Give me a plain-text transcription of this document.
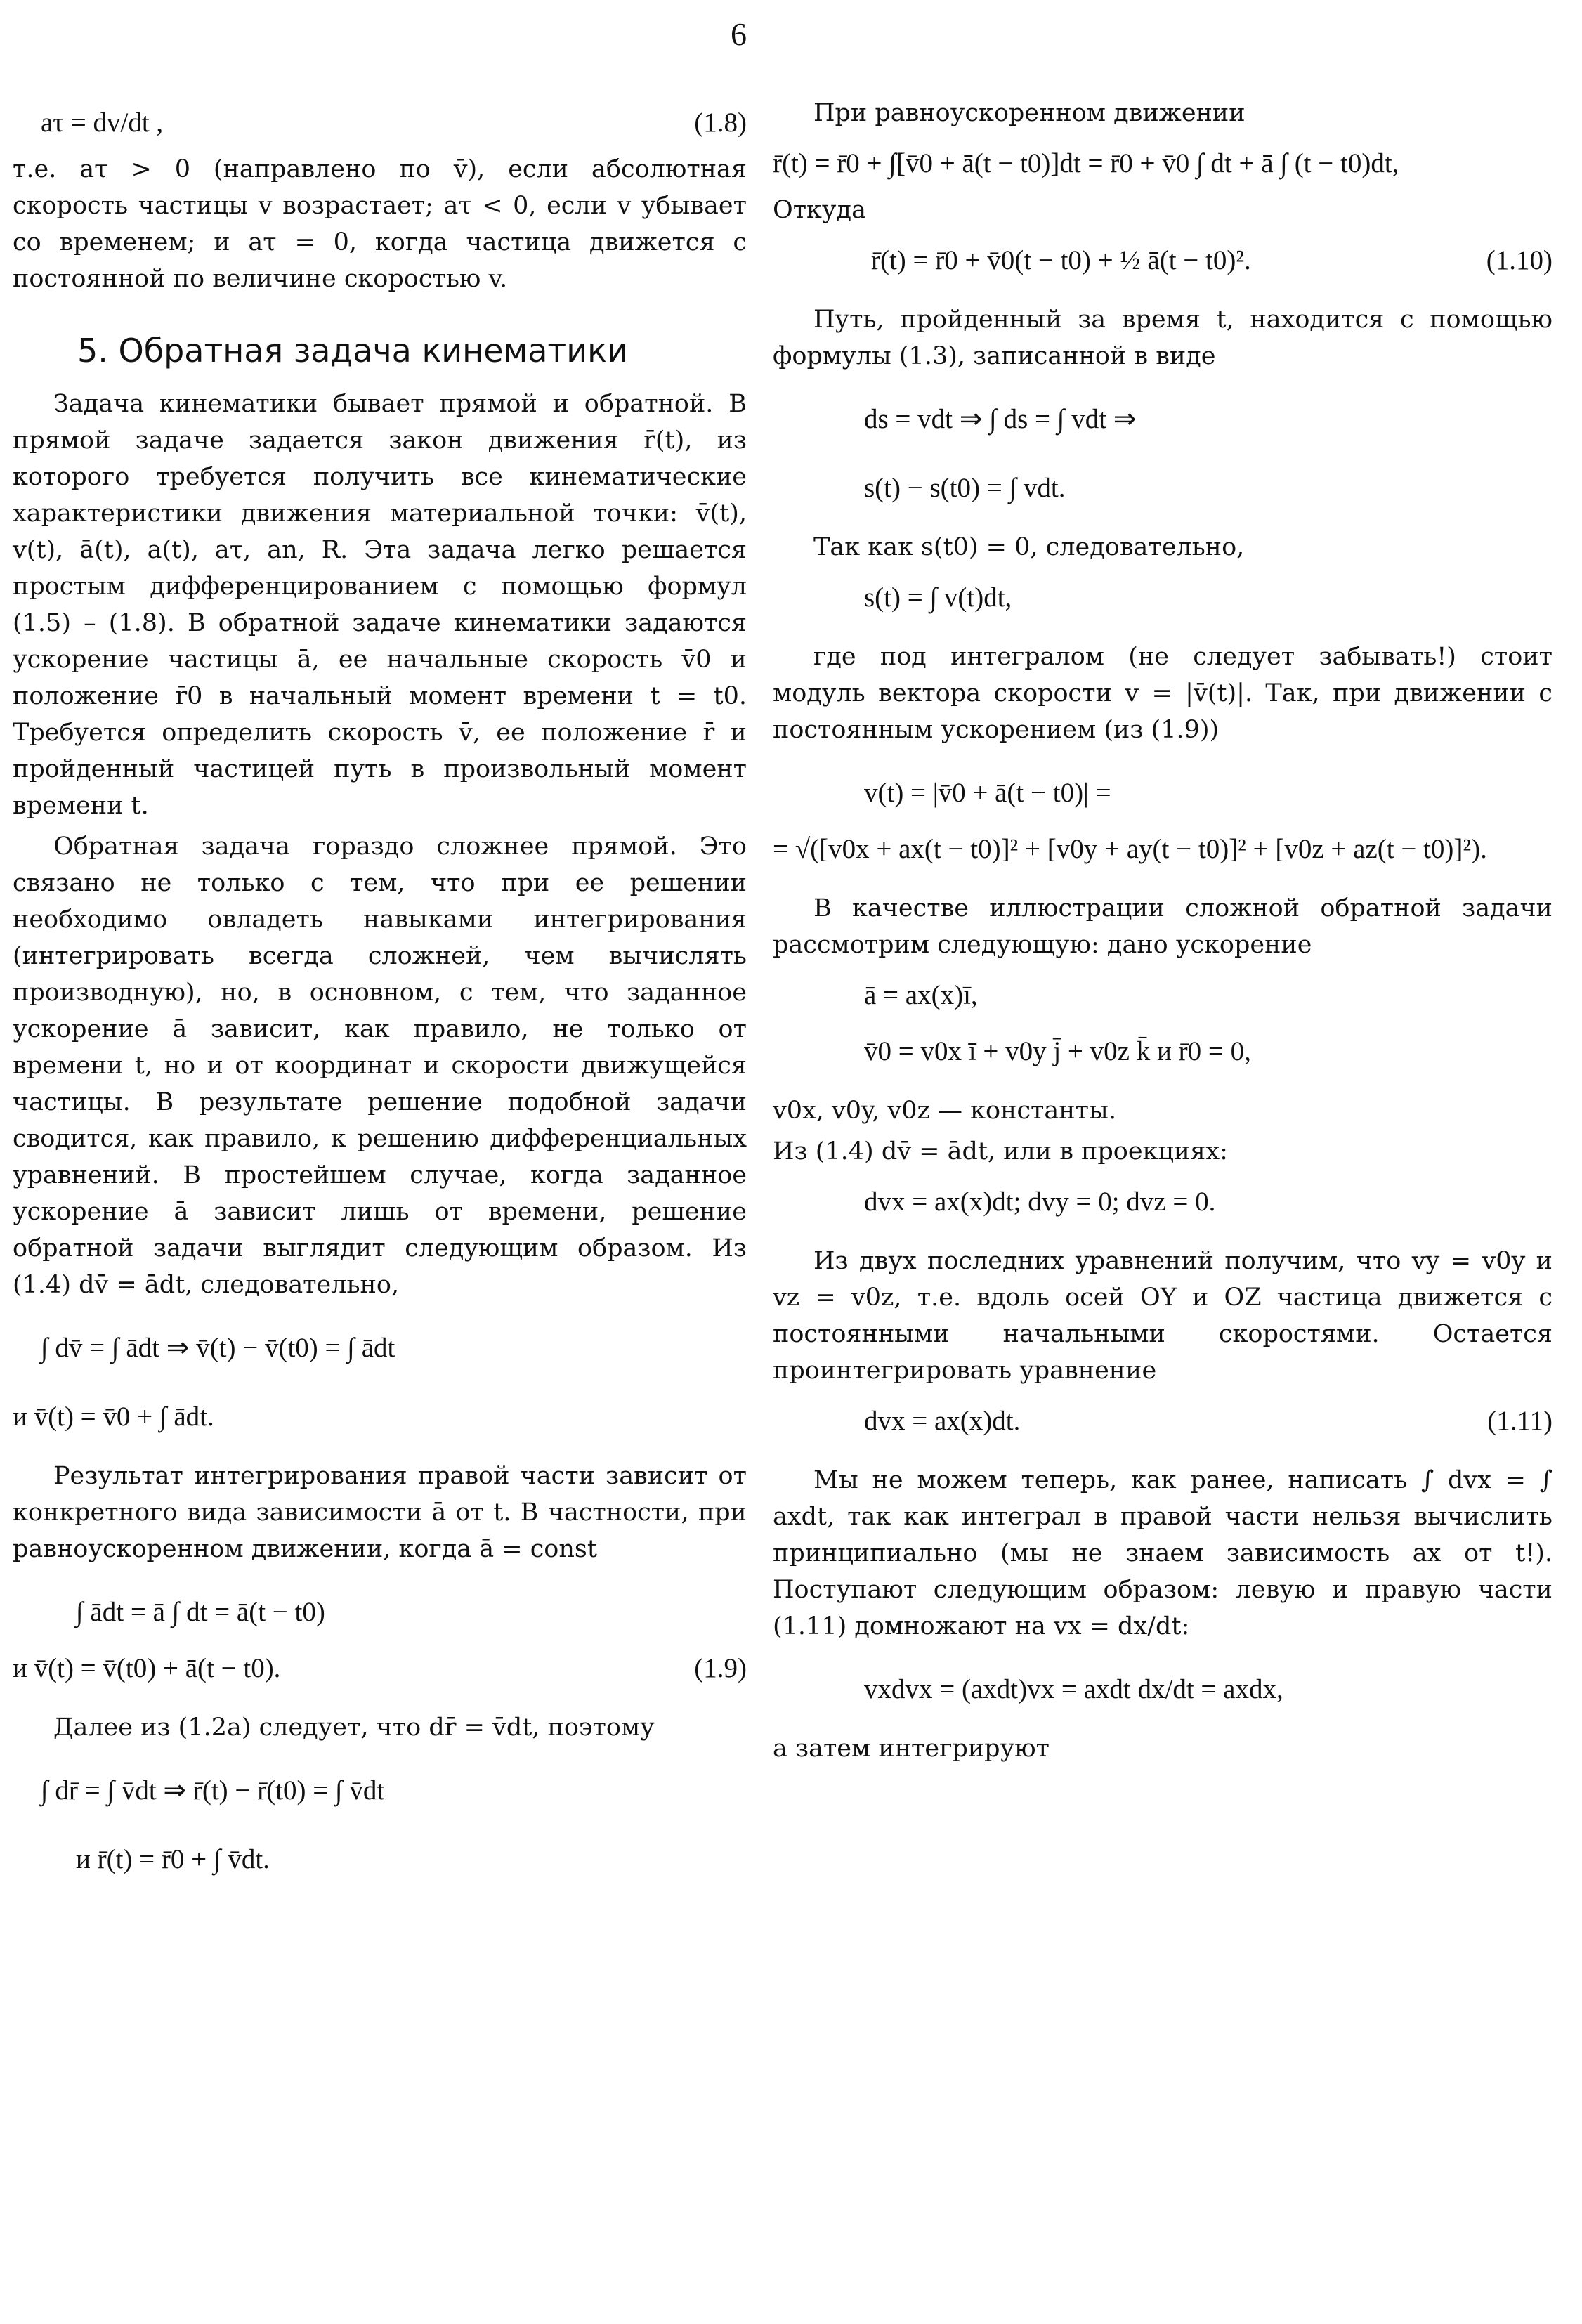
6
aτ = dv/dt ,	(1.8)

т.е. aτ > 0 (направлено по v̄), если абсолютная скорость частицы v возрастает; aτ < 0, если v убывает со временем; и aτ = 0, когда частица движется с постоянной по величине скоростью v.

5. Обратная задача кинематики

Задача кинематики бывает прямой и обратной. В прямой задаче задается закон движения r̄(t), из которого требуется получить все кинематические характеристики движения материальной точки: v̄(t), v(t), ā(t), a(t), aτ, an, R. Эта задача легко решается простым дифференцированием с помощью формул (1.5) – (1.8). В обратной задаче кинематики задаются ускорение частицы ā, ее начальные скорость v̄0 и положение r̄0 в начальный момент времени t = t0. Требуется определить скорость v̄, ее положение r̄ и пройденный частицей путь в произвольный момент времени t.

Обратная задача гораздо сложнее прямой. Это связано не только с тем, что при ее решении необходимо овладеть навыками интегрирования (интегрировать всегда сложней, чем вычислять производную), но, в основном, с тем, что заданное ускорение ā зависит, как правило, не только от времени t, но и от координат и скорости движущейся частицы. В результате решение подобной задачи сводится, как правило, к решению дифференциальных уравнений. В простейшем случае, когда заданное ускорение ā зависит лишь от времени, решение обратной задачи выглядит следующим образом. Из (1.4) dv̄ = ādt, следовательно,

∫ dv̄ = ∫ ādt ⇒ v̄(t) − v̄(t0) = ∫ ādt
и v̄(t) = v̄0 + ∫ ādt.

Результат интегрирования правой части зависит от конкретного вида зависимости ā от t. В частности, при равноускоренном движении, когда ā = const

∫ ādt = ā ∫ dt = ā(t − t0)
и v̄(t) = v̄(t0) + ā(t − t0).	(1.9)

Далее из (1.2а) следует, что dr̄ = v̄dt, поэтому

∫ dr̄ = ∫ v̄dt ⇒ r̄(t) − r̄(t0) = ∫ v̄dt
и r̄(t) = r̄0 + ∫ v̄dt.

При равноускоренном движении

r̄(t) = r̄0 + ∫[v̄0 + ā(t − t0)]dt = r̄0 + v̄0 ∫ dt + ā ∫ (t − t0)dt,

Откуда

r̄(t) = r̄0 + v̄0(t − t0) + ½ ā(t − t0)².	(1.10)

Путь, пройденный за время t, находится с помощью формулы (1.3), записанной в виде

ds = vdt ⇒ ∫ ds = ∫ vdt ⇒
s(t) − s(t0) = ∫ vdt.

Так как s(t0) = 0, следовательно,

s(t) = ∫ v(t)dt,

где под интегралом (не следует забывать!) стоит модуль вектора скорости v = |v̄(t)|. Так, при движении с постоянным ускорением (из (1.9))

v(t) = |v̄0 + ā(t − t0)| =
= √([v0x + ax(t − t0)]² + [v0y + ay(t − t0)]² + [v0z + az(t − t0)]²).

В качестве иллюстрации сложной обратной задачи рассмотрим следующую: дано ускорение

ā = ax(x)ī,
v̄0 = v0x ī + v0y j̄ + v0z k̄ и r̄0 = 0,

v0x, v0y, v0z — константы.

Из (1.4) dv̄ = ādt, или в проекциях:

dvx = ax(x)dt; dvy = 0; dvz = 0.

Из двух последних уравнений получим, что vy = v0y и vz = v0z, т.е. вдоль осей OY и OZ частица движется с постоянными начальными скоростями. Остается проинтегрировать уравнение

dvx = ax(x)dt.	(1.11)

Мы не можем теперь, как ранее, написать ∫ dvx = ∫ axdt, так как интеграл в правой части нельзя вычислить принципиально (мы не знаем зависимость ax от t!). Поступают следующим образом: левую и правую части (1.11) домножают на vx = dx/dt:

vxdvx = (axdt)vx = axdt dx/dt = axdx,

а затем интегрируют
